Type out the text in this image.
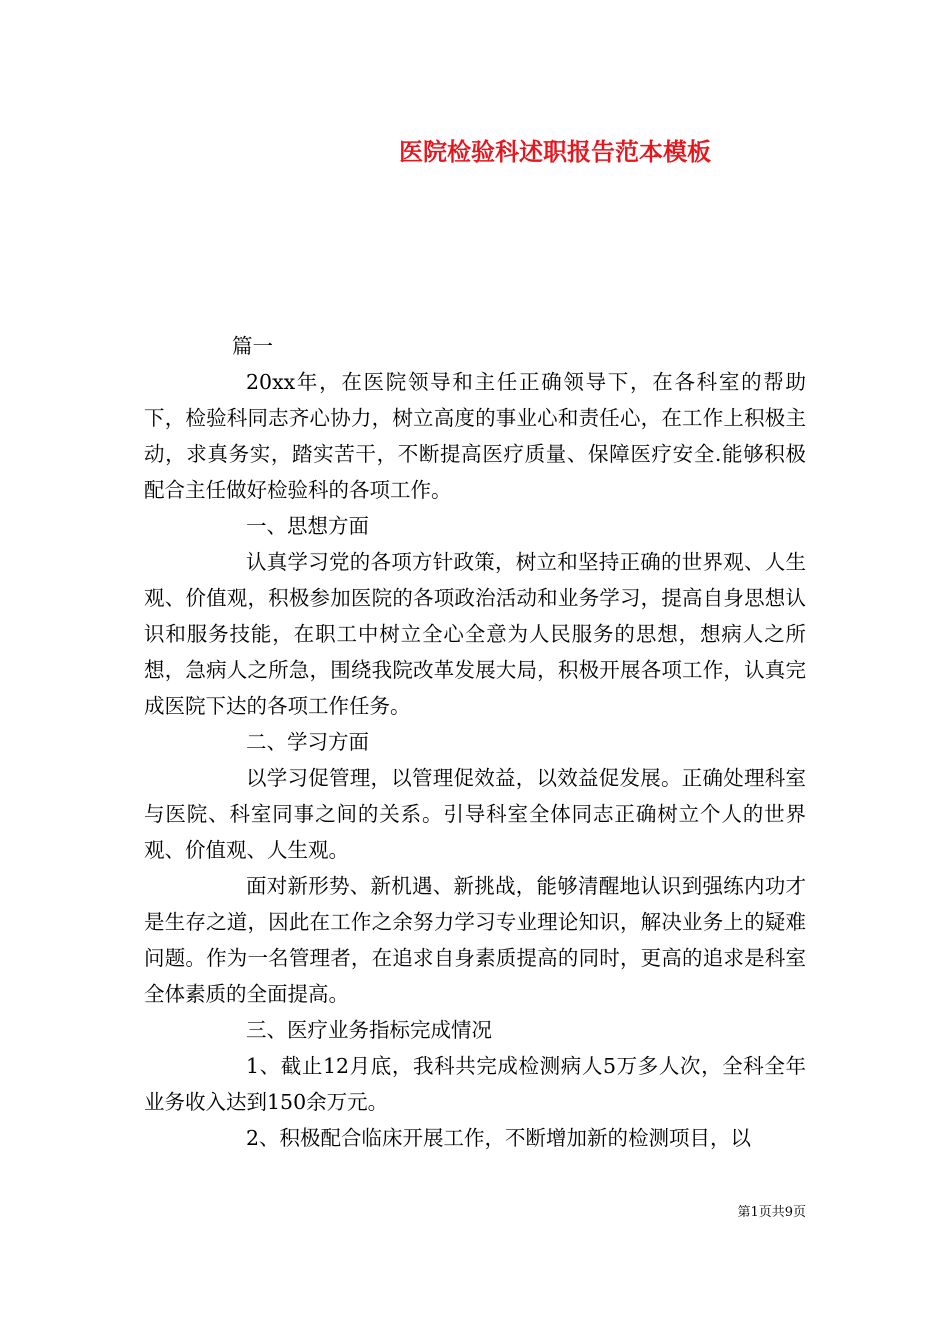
医院检验科述职报告范本模板

篇一

20xx年，在医院领导和主任正确领导下，在各科室的帮助下，检验科同志齐心协力，树立高度的事业心和责任心，在工作上积极主动，求真务实，踏实苦干，不断提高医疗质量、保障医疗安全.能够积极配合主任做好检验科的各项工作。

一、思想方面

认真学习党的各项方针政策，树立和坚持正确的世界观、人生观、价值观，积极参加医院的各项政治活动和业务学习，提高自身思想认识和服务技能，在职工中树立全心全意为人民服务的思想，想病人之所想，急病人之所急，围绕我院改革发展大局，积极开展各项工作，认真完成医院下达的各项工作任务。

二、学习方面

以学习促管理，以管理促效益，以效益促发展。正确处理科室与医院、科室同事之间的关系。引导科室全体同志正确树立个人的世界观、价值观、人生观。

面对新形势、新机遇、新挑战，能够清醒地认识到强练内功才是生存之道，因此在工作之余努力学习专业理论知识，解决业务上的疑难问题。作为一名管理者，在追求自身素质提高的同时，更高的追求是科室全体素质的全面提高。

三、医疗业务指标完成情况

1、截止12月底，我科共完成检测病人5万多人次，全科全年业务收入达到150余万元。

2、积极配合临床开展工作，不断增加新的检测项目，以

第1页共9页
